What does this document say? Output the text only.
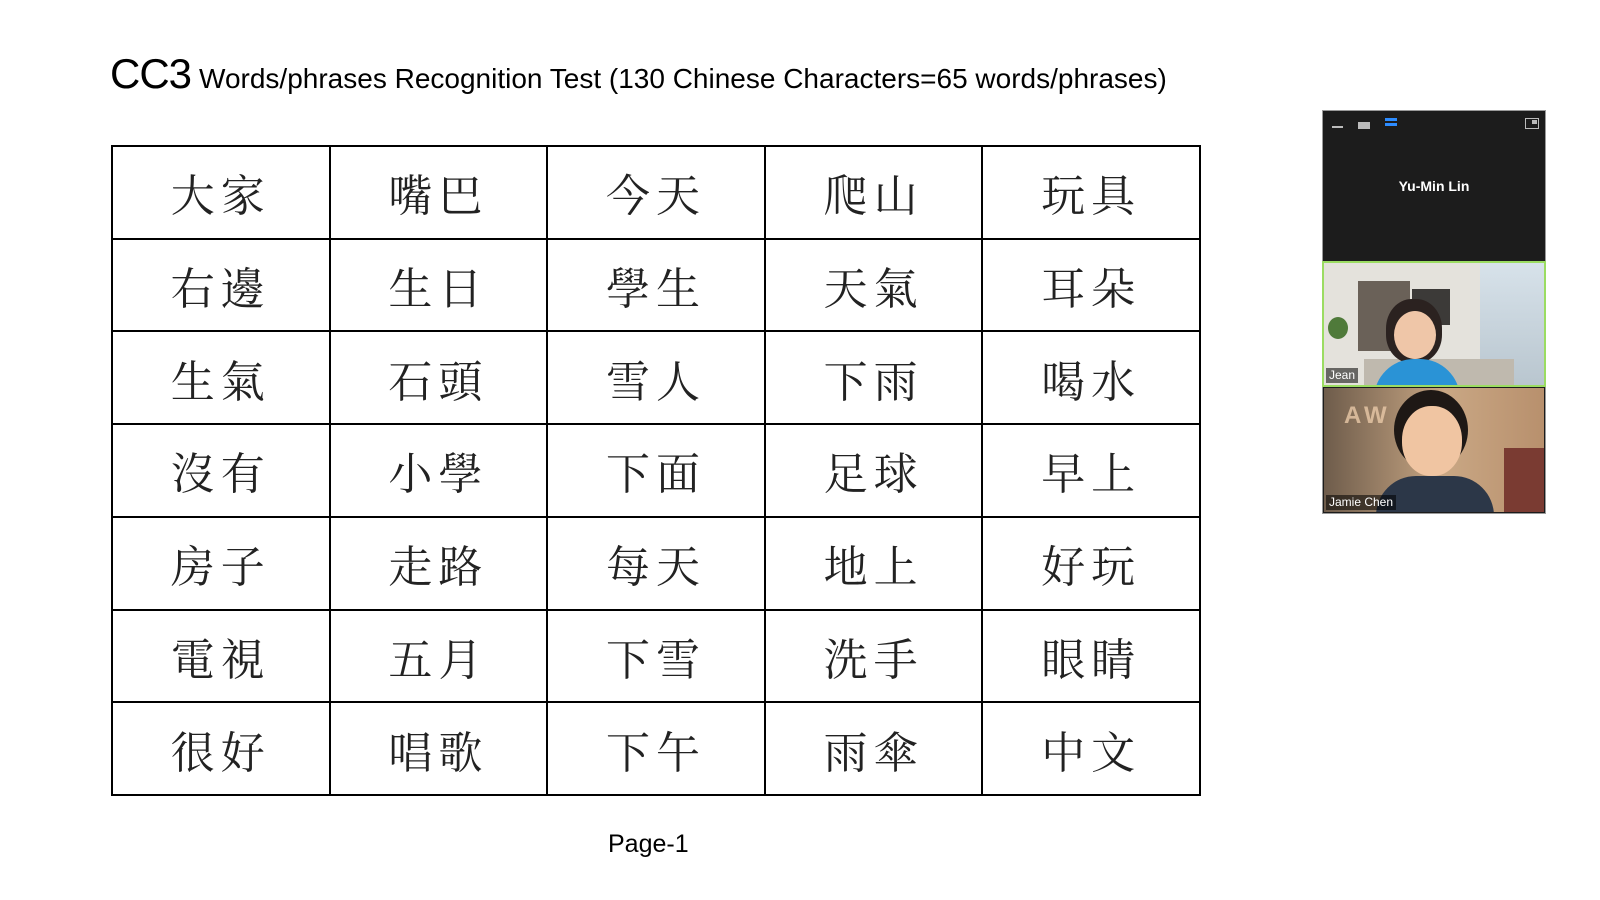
CC3 Words/phrases Recognition Test (130 Chinese Characters=65 words/phrases)
大家	嘴巴	今天	爬山	玩具
右邊	生日	學生	天氣	耳朵
生氣	石頭	雪人	下雨	喝水
沒有	小學	下面	足球	早上
房子	走路	每天	地上	好玩
電視	五月	下雪	洗手	眼睛
很好	唱歌	下午	雨傘	中文
Page-1
Yu-Min Lin
Jean
AW
Jamie Chen
